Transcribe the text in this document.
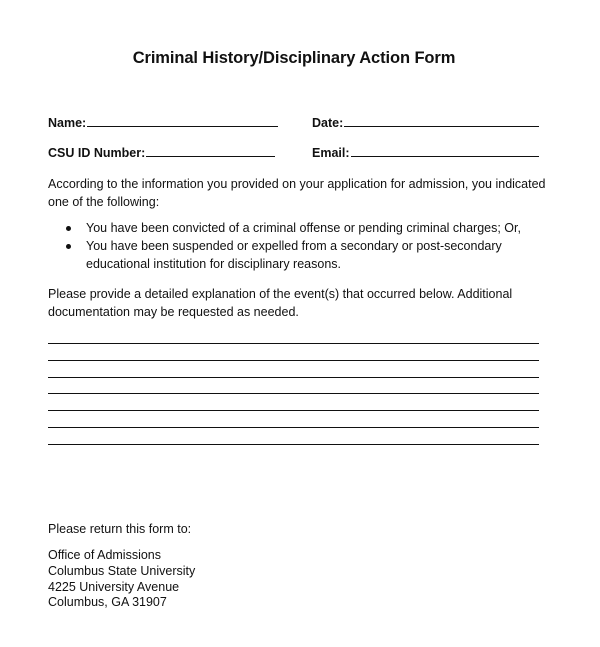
Criminal History/Disciplinary Action Form
Name:	Date:
CSU ID Number:	Email:
According to the information you provided on your application for admission, you indicated one of the following:
You have been convicted of a criminal offense or pending criminal charges; Or,
You have been suspended or expelled from a secondary or post-secondary educational institution for disciplinary reasons.
Please provide a detailed explanation of the event(s) that occurred below. Additional documentation may be requested as needed.
Please return this form to:
Office of Admissions
Columbus State University
4225 University Avenue
Columbus, GA 31907
